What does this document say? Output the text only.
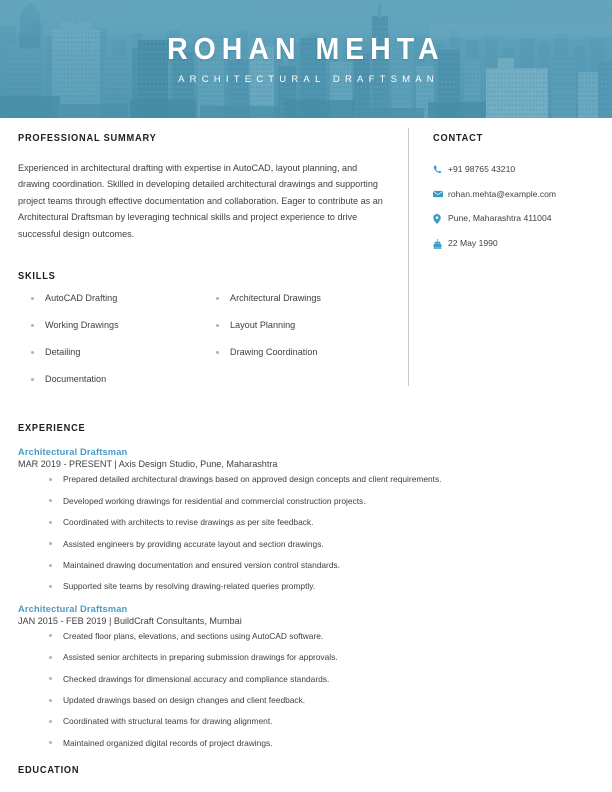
ROHAN MEHTA
ARCHITECTURAL DRAFTSMAN
PROFESSIONAL SUMMARY

Experienced in architectural drafting with expertise in AutoCAD, layout planning, and drawing coordination. Skilled in developing detailed architectural drawings and supporting project teams through effective documentation and collaboration. Eager to contribute as an Architectural Draftsman by leveraging technical skills and project experience to drive successful design outcomes.

SKILLS
AutoCAD Drafting
Working Drawings
Detailing
Documentation
Architectural Drawings
Layout Planning
Drawing Coordination
CONTACT
+91 98765 43210
rohan.mehta@example.com
Pune, Maharashtra 411004
22 May 1990
EXPERIENCE
Architectural Draftsman
MAR 2019 - PRESENT | Axis Design Studio, Pune, Maharashtra
Prepared detailed architectural drawings based on approved design concepts and client requirements.
Developed working drawings for residential and commercial construction projects.
Coordinated with architects to revise drawings as per site feedback.
Assisted engineers by providing accurate layout and section drawings.
Maintained drawing documentation and ensured version control standards.
Supported site teams by resolving drawing-related queries promptly.
Architectural Draftsman
JAN 2015 - FEB 2019 | BuildCraft Consultants, Mumbai
Created floor plans, elevations, and sections using AutoCAD software.
Assisted senior architects in preparing submission drawings for approvals.
Checked drawings for dimensional accuracy and compliance standards.
Updated drawings based on design changes and client feedback.
Coordinated with structural teams for drawing alignment.
Maintained organized digital records of project drawings.
EDUCATION
